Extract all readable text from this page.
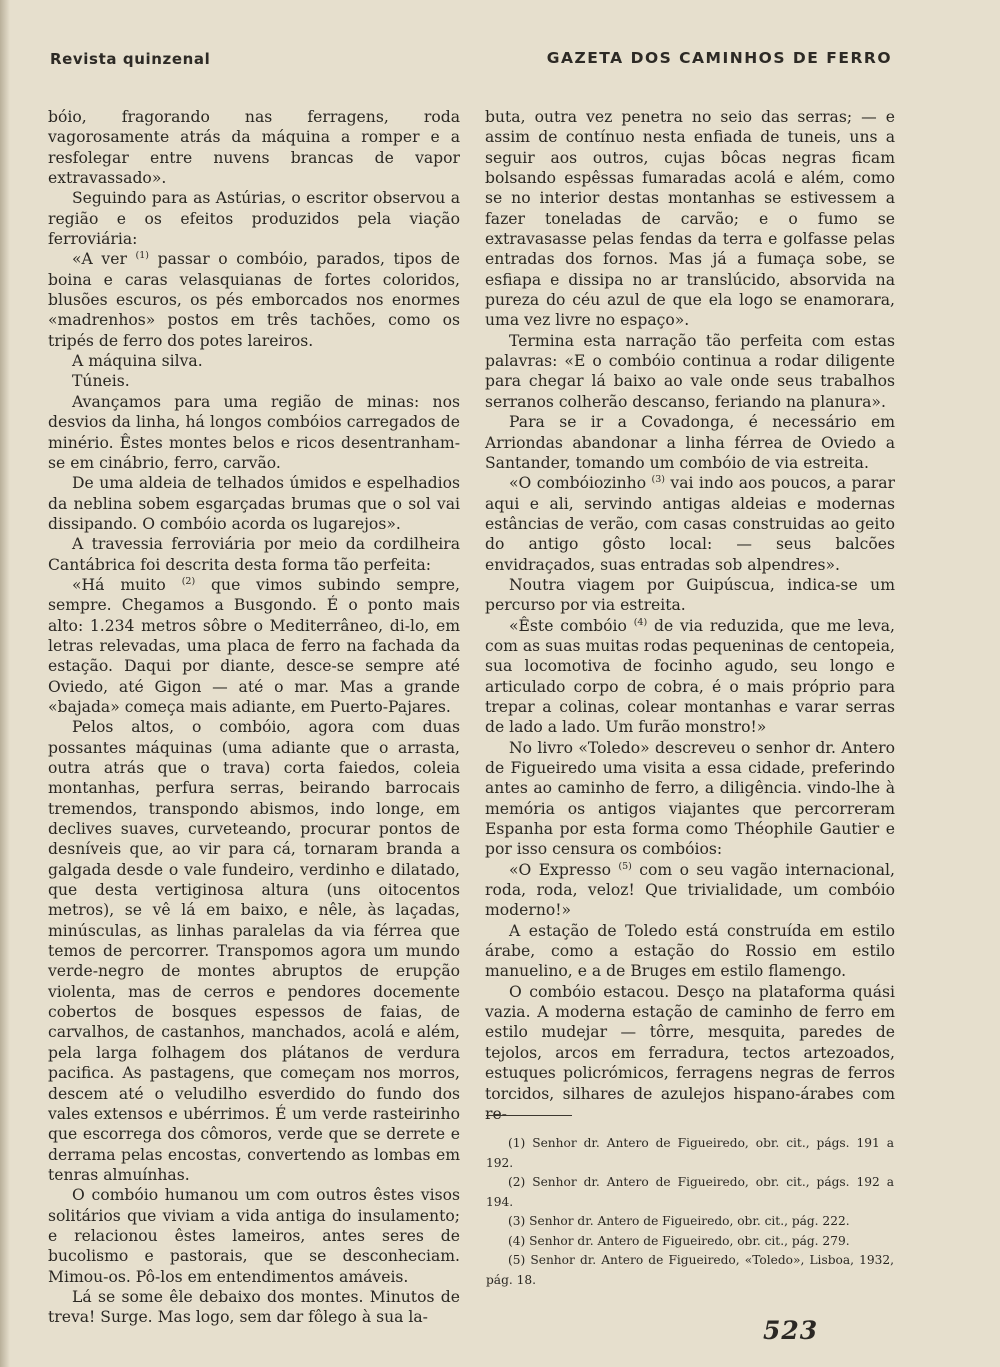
Revista quinzenal	GAZETA DOS CAMINHOS DE FERRO

bóio, fragorando nas ferragens, roda vagorosamente atrás da máquina a romper e a resfolegar entre nuvens brancas de vapor extravassado».

Seguindo para as Astúrias, o escritor observou a região e os efeitos produzidos pela viação ferroviária:

«A ver $^{(1)}$ passar o combóio, parados, tipos de boina e caras velasquianas de fortes coloridos, blusões escuros, os pés emborcados nos enormes «madrenhos» postos em três tachões, como os tripés de ferro dos potes lareiros.

A máquina silva.

Túneis.

Avançamos para uma região de minas: nos desvios da linha, há longos combóios carregados de minério. Êstes montes belos e ricos desentranham-se em cinábrio, ferro, carvão.

De uma aldeia de telhados úmidos e espelhadios da neblina sobem esgarçadas brumas que o sol vai dissipando. O combóio acorda os lugarejos».

A travessia ferroviária por meio da cordilheira Cantábrica foi descrita desta forma tão perfeita:

«Há muito $^{(2)}$ que vimos subindo sempre, sempre. Chegamos a Busgondo. É o ponto mais alto: 1.234 metros sôbre o Mediterrâneo, di-lo, em letras relevadas, uma placa de ferro na fachada da estação. Daqui por diante, desce-se sempre até Oviedo, até Gigon — até o mar. Mas a grande «bajada» começa mais adiante, em Puerto-Pajares.

Pelos altos, o combóio, agora com duas possantes máquinas (uma adiante que o arrasta, outra atrás que o trava) corta faiedos, coleia montanhas, perfura serras, beirando barrocais tremendos, transpondo abismos, indo longe, em declives suaves, curveteando, procurar pontos de desníveis que, ao vir para cá, tornaram branda a galgada desde o vale fundeiro, verdinho e dilatado, que desta vertiginosa altura (uns oitocentos metros), se vê lá em baixo, e nêle, às laçadas, minúsculas, as linhas paralelas da via férrea que temos de percorrer. Transpomos agora um mundo verde-negro de montes abruptos de erupção violenta, mas de cerros e pendores docemente cobertos de bosques espessos de faias, de carvalhos, de castanhos, manchados, acolá e além, pela larga folhagem dos plátanos de verdura pacifica. As pastagens, que começam nos morros, descem até o veludilho esverdido do fundo dos vales extensos e ubérrimos. É um verde rasteirinho que escorrega dos cômoros, verde que se derrete e derrama pelas encostas, convertendo as lombas em tenras almuínhas.

O combóio humanou um com outros êstes visos solitários que viviam a vida antiga do insulamento; e relacionou êstes lameiros, antes seres de bucolismo e pastorais, que se desconheciam. Mimou-os. Pô-los em entendimentos amáveis.

Lá se some êle debaixo dos montes. Minutos de treva! Surge. Mas logo, sem dar fôlego à sua la-

buta, outra vez penetra no seio das serras; — e assim de contínuo nesta enfiada de tuneis, uns a seguir aos outros, cujas bôcas negras ficam bolsando espêssas fumaradas acolá e além, como se no interior destas montanhas se estivessem a fazer toneladas de carvão; e o fumo se extravasasse pelas fendas da terra e golfasse pelas entradas dos fornos. Mas já a fumaça sobe, se esfiapa e dissipa no ar translúcido, absorvida na pureza do céu azul de que ela logo se enamorara, uma vez livre no espaço».

Termina esta narração tão perfeita com estas palavras: «E o combóio continua a rodar diligente para chegar lá baixo ao vale onde seus trabalhos serranos colherão descanso, feriando na planura».

Para se ir a Covadonga, é necessário em Arriondas abandonar a linha férrea de Oviedo a Santander, tomando um combóio de via estreita.

«O combóiozinho $^{(3)}$ vai indo aos poucos, a parar aqui e ali, servindo antigas aldeias e modernas estâncias de verão, com casas construidas ao geito do antigo gôsto local: — seus balcões envidraçados, suas entradas sob alpendres».

Noutra viagem por Guipúscua, indica-se um percurso por via estreita.

«Êste combóio $^{(4)}$ de via reduzida, que me leva, com as suas muitas rodas pequeninas de centopeia, sua locomotiva de focinho agudo, seu longo e articulado corpo de cobra, é o mais próprio para trepar a colinas, colear montanhas e varar serras de lado a lado. Um furão monstro!»

No livro «Toledo» descreveu o senhor dr. Antero de Figueiredo uma visita a essa cidade, preferindo antes ao caminho de ferro, a diligência. vindo-lhe à memória os antigos viajantes que percorreram Espanha por esta forma como Théophile Gautier e por isso censura os combóios:

«O Expresso $^{(5)}$ com o seu vagão internacional, roda, roda, veloz! Que trivialidade, um combóio moderno!»

A estação de Toledo está construída em estilo árabe, como a estação do Rossio em estilo manuelino, e a de Bruges em estilo flamengo.

O combóio estacou. Desço na plataforma quási vazia. A moderna estação de caminho de ferro em estilo mudejar — tôrre, mesquita, paredes de tejolos, arcos em ferradura, tectos artezoados, estuques policrómicos, ferragens negras de ferros torcidos, silhares de azulejos hispano-árabes com re-

(1) Senhor dr. Antero de Figueiredo, obr. cit., págs. 191 a 192.

(2) Senhor dr. Antero de Figueiredo, obr. cit., págs. 192 a 194.

(3) Senhor dr. Antero de Figueiredo, obr. cit., pág. 222.

(4) Senhor dr. Antero de Figueiredo, obr. cit., pág. 279.

(5) Senhor dr. Antero de Figueiredo, «Toledo», Lisboa, 1932, pág. 18.

523
